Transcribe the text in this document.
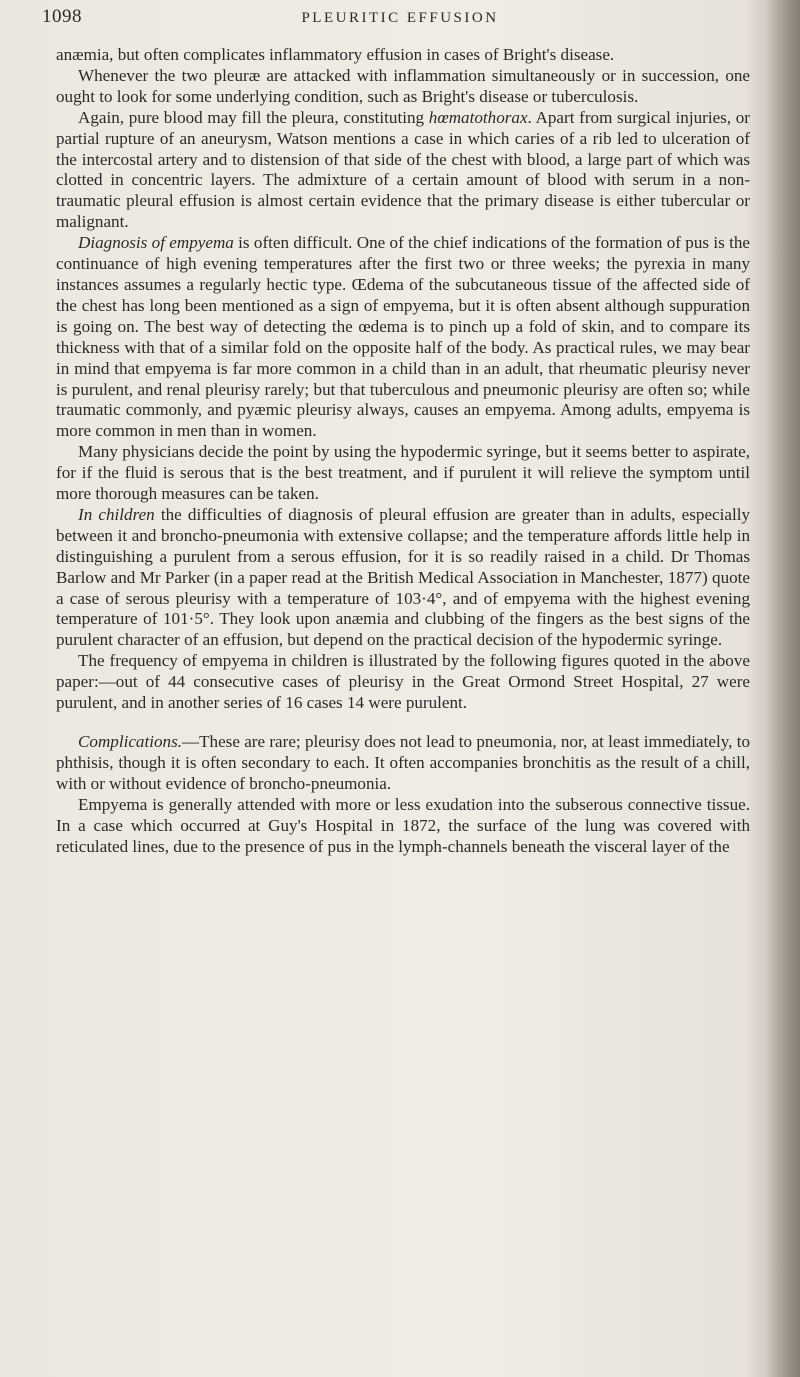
1098	PLEURITIC EFFUSION

anæmia, but often complicates inflammatory effusion in cases of Bright's disease.

Whenever the two pleuræ are attacked with inflammation simultaneously or in succession, one ought to look for some underlying condition, such as Bright's disease or tuberculosis.

Again, pure blood may fill the pleura, constituting hœmatothorax. Apart from surgical injuries, or partial rupture of an aneurysm, Watson mentions a case in which caries of a rib led to ulceration of the intercostal artery and to distension of that side of the chest with blood, a large part of which was clotted in concentric layers. The admixture of a certain amount of blood with serum in a non-traumatic pleural effusion is almost certain evidence that the primary disease is either tubercular or malignant.

Diagnosis of empyema is often difficult. One of the chief indications of the formation of pus is the continuance of high evening temperatures after the first two or three weeks; the pyrexia in many instances assumes a regularly hectic type. Œdema of the subcutaneous tissue of the affected side of the chest has long been mentioned as a sign of empyema, but it is often absent although suppuration is going on. The best way of detecting the œdema is to pinch up a fold of skin, and to compare its thickness with that of a similar fold on the opposite half of the body. As practical rules, we may bear in mind that empyema is far more common in a child than in an adult, that rheumatic pleurisy never is purulent, and renal pleurisy rarely; but that tuberculous and pneumonic pleurisy are often so; while traumatic commonly, and pyæmic pleurisy always, causes an empyema. Among adults, empyema is more common in men than in women.

Many physicians decide the point by using the hypodermic syringe, but it seems better to aspirate, for if the fluid is serous that is the best treatment, and if purulent it will relieve the symptom until more thorough measures can be taken.

In children the difficulties of diagnosis of pleural effusion are greater than in adults, especially between it and broncho-pneumonia with extensive collapse; and the temperature affords little help in distinguishing a purulent from a serous effusion, for it is so readily raised in a child. Dr Thomas Barlow and Mr Parker (in a paper read at the British Medical Association in Manchester, 1877) quote a case of serous pleurisy with a temperature of 103·4°, and of empyema with the highest evening temperature of 101·5°. They look upon anæmia and clubbing of the fingers as the best signs of the purulent character of an effusion, but depend on the practical decision of the hypodermic syringe.

The frequency of empyema in children is illustrated by the following figures quoted in the above paper:—out of 44 consecutive cases of pleurisy in the Great Ormond Street Hospital, 27 were purulent, and in another series of 16 cases 14 were purulent.

Complications.—These are rare; pleurisy does not lead to pneumonia, nor, at least immediately, to phthisis, though it is often secondary to each. It often accompanies bronchitis as the result of a chill, with or without evidence of broncho-pneumonia.

Empyema is generally attended with more or less exudation into the subserous connective tissue. In a case which occurred at Guy's Hospital in 1872, the surface of the lung was covered with reticulated lines, due to the presence of pus in the lymph-channels beneath the visceral layer of the
